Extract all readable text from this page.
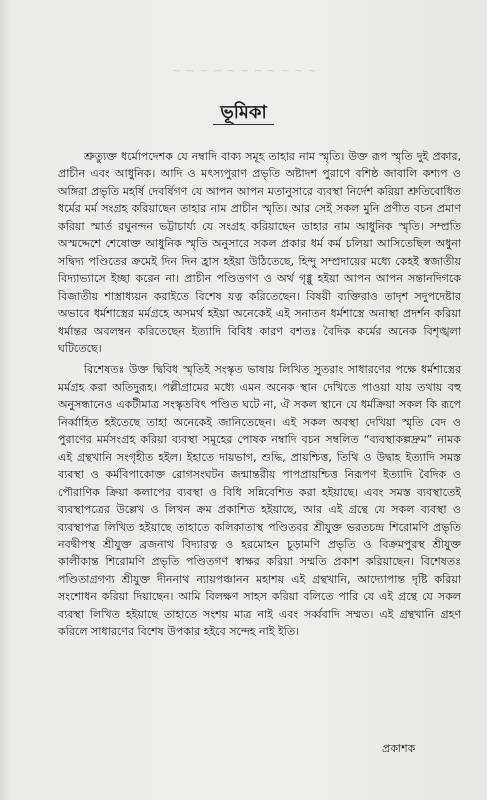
~ ~ ~ ~ ~ ~ ~ ~ ~ ~ ~
ভূমিকা

শ্রুত্যুক্ত ধর্মোপদেশক যে নম্বাদি বাক্য সমূহ তাহার নাম স্মৃতি। উক্ত রূপ স্মৃতি দুই প্রকার, প্রাচীন এবং আধুনিক। আদি ও মৎস্যপুরাণ প্রভৃতি অষ্টাদশ পুরাণে বশিষ্ঠ জাবালি কশ্যপ ও অঙ্গিরা প্রভৃতি মহর্ষি দেবর্ষিগণ যে আপন আপন মতানুসারে ব্যবস্থা নির্দেশ করিয়া শ্রুতিবোধিত ধর্মের মর্ম সংগ্রহ করিয়াছেন তাহার নাম প্রাচীন স্মৃতি। আর সেই সকল মুনি প্রণীত বচন প্রমাণ করিয়া স্মার্ত রঘুনন্দন ভট্টাচার্য্য যে সংগ্রহ করিয়াছেন তাহার নাম আধুনিক স্মৃতি। সম্প্রতি অস্মদ্দেশে শেষোক্ত আধুনিক স্মৃতি অনুসারে সকল প্রকার ধর্ম কর্ম চলিয়া আসিতেছিল অধুনা সদ্বিদ্য পণ্ডিতের ক্রমেই দিন দিন হ্রাস হইয়া উঠিতেছে, হিন্দু সম্প্রদায়ের মধ্যে কেহই স্বজাতীয় বিদ্যাভ্যাসে ইচ্ছা করেন না। প্রাচীন পণ্ডিতগণ ও অর্থ গৃধ্নু হইয়া আপন আপন সন্তানদিগকে বিজাতীয় শাস্ত্রাধ্যয়ন করাইতে বিশেষ যত্ন করিতেছেন। বিষয়ী ব্যক্তিরাও তাদৃশ সদুপদেষ্টার অভাবে ধর্মশাস্ত্রের মর্মগ্রহে অসমর্থ হইয়া অনেকেই এই সনাতন ধর্মশাস্ত্রে অনাস্থা প্রদর্শন করিয়া ধর্মান্তর অবলম্বন করিতেছেন ইত্যাদি বিবিধ কারণ বশতঃ বৈদিক কর্মের অনেক বিশৃঙ্খলা ঘটিতেছে।

বিশেষতঃ উক্ত দ্বিবিধ স্মৃতিই সংস্কৃত ভাষায় লিখিত সুতরাং সাধারণের পক্ষে ধর্মশাস্ত্রের মর্মগ্রহ করা অতিদুরূহ। পল্লীগ্রামের মধ্যে এমন অনেক স্থান দেখিতে পাওয়া যায় তথায় বহু অনুসন্ধানেও একটীমাত্র সংস্কৃতবিৎ পণ্ডিত ঘটে না, ঐ সকল স্থানে যে ধর্মক্রিয়া সকল কি রূপে নির্ব্বাহিত হইতেছে তাহা অনেকেই জানিতেছেন। এই সকল অবস্থা দেখিয়া স্মৃতি বেদ ও পুরাণের মর্মসংগ্রহ করিয়া ব্যবস্থা সমূহের পোষক নম্বাদি বচন সম্বলিত “ব্যবস্থাকল্পদ্রুম” নামক এই গ্রন্থখানি সংগৃহীত হইল। ইহাতে দায়ভাগ, শুদ্ধি, প্রায়শ্চিত্ত, তিথি ও উদ্বাহ ইত্যাদি সমস্ত ব্যবস্থা ও কর্মবিপাকোক্ত রোগসংঘটন জন্মান্তরীয় পাপপ্রায়শ্চিত্ত নিরূপণ ইত্যাদি বৈদিক ও পৌরাণিক ক্রিয়া কলাপের ব্যবস্থা ও বিধি সন্নিবেশিত করা হইয়াছে। এবং সমস্ত ব্যবস্থাতেই ব্যবস্থাপত্রের উল্লেখ ও লিখন ক্রম প্রকাশিত হইয়াছে, আর এই গ্রন্থে যে সকল ব্যবস্থা ও ব্যবস্থাপত্র লিখিত হইয়াছে তাহাতে কলিকাতাস্থ পণ্ডিতবর শ্রীযুক্ত ভরতচন্দ্র শিরোমণি প্রভৃতি নবদ্বীপস্থ শ্রীযুক্ত ব্রজনাথ বিদ্যারত্ন ও হরমোহন চূড়ামণি প্রভৃতি ও বিক্রমপুরস্থ শ্রীযুক্ত কালীকান্ত শিরোমণি প্রভৃতি পণ্ডিতগণ স্বাক্ষর করিয়া সম্মতি প্রকাশ করিয়াছেন। বিশেষতঃ পণ্ডিতাগ্রগণ্য শ্রীযুক্ত দীননাথ ন্যায়পঞ্চানন মহাশয় এই গ্রন্থখানি, আদ্যোপান্ত দৃষ্টি করিয়া সংশোধন করিয়া দিয়াছেন। আমি বিলক্ষণ সাহস করিয়া বলিতে পারি যে এই গ্রন্থে যে সকল ব্যবস্থা লিখিত হইয়াছে তাহাতে সংশয় মাত্র নাই এবং সর্ব্ববাদি সম্মত। এই গ্রন্থখানি গ্রহণ করিলে সাধারণের বিশেষ উপকার হইবে সন্দেহ নাই ইতি।

প্রকাশক
